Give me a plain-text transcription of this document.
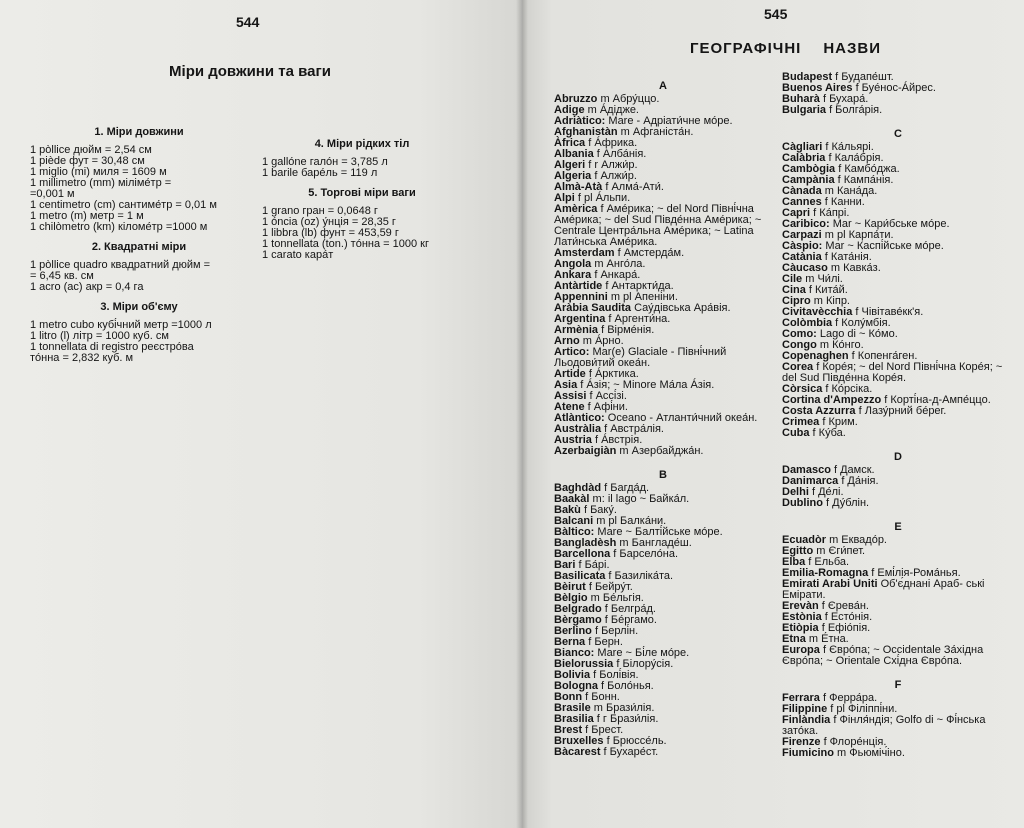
544
Міри довжини та ваги
1. Міри довжини
1 pòllice дюйм = 2,54 см
1 piède фут = 30,48 см
1 miglio (mi) миля = 1609 м
1 millimetro (mm) міліме́тр =
=0,001 м
1 centimetro (cm) сантиме́тр = 0,01 м
1 metro (m) метр = 1 м
1 chilòmetro (km) кіломе́тр =1000 м
2. Квадратні міри
1 pòllice quadro квадратний дюйм =
= 6,45 кв. см
1 acro (ac) акр = 0,4 га
3. Міри об'єму
1 metro cubo кубі́чний метр =1000 л
1 litro (l) літр = 1000 куб. см
1 tonnellata di registro реєстрóва
тóнна = 2,832 куб. м
4. Міри рідких тіл
1 gallóne галóн = 3,785 л
1 barile барéль = 119 л
5. Торгові міри ваги
1 grano гран = 0,0648 г
1 óncia (oz) у́нція = 28,35 г
1 libbra (lb) фунт = 453,59 г
1 tonnellata (ton.) тóнна = 1000 кг
1 carato карáт
545
ГЕОГРАФІЧНІ НАЗВИ
A
Abruzzo m Абру́ццо.
Adige m Áдідже.
Adriàtico: Mare - Адріати́чне мóре.
Afghanistàn m Афганіста́н.
Àfrica f Áфрика.
Albania f Алба́нія.
Algeri f r Алжи́р.
Algeria f Алжи́р.
Almà-Atà f Алма́-Ати́.
Alpi f pl Áльпи.
Amèrica f Амéрика; ~ del Nord Півні́чна Амéрика; ~ del Sud Півде́нна Амéрика; ~ Centrale Центра́льна Амéрика; ~ Latina Лати́нська Амéрика.
Amsterdam f Амстерда́м.
Angola m Анго́ла.
Ankara f Анкара́.
Antàrtide f Антаркти́да.
Appennini m pl Апені́ни.
Aràbia Saudita Сау́дівська Ара́вія.
Argentina f Аргенти́на.
Armènia f Вірмéнія.
Arno m Áрно.
Artico: Mar(e) Glaciale - Півні́чний Льодови́тий океа́н.
Artide f Áрктика.
Asia f Áзія; ~ Minore Ма́ла Áзія.
Assisi f Ассі́зі.
Atene f Афі́ни.
Atlàntico: Oceano - Атланти́чний океа́н.
Austràlia f Австра́лія.
Austria f Áвстрія.
Azerbaigiàn m Азербайджа́н.
B
Baghdàd f Багда́д.
Baakàl m: il lago ~ Байка́л.
Bakù f Баку́.
Balcani m pl Балка́ни.
Bàltico: Mare ~ Балті́йське мóре.
Bangladèsh m Бангладе́ш.
Barcellona f Барсело́на.
Bari f Ба́рі.
Basilicata f Базиліка́та.
Bèirut f Бейру́т.
Bèlgio m Бéльгія.
Belgrado f Белгра́д.
Bèrgamo f Бéргамо.
Berlino f Берлі́н.
Berna f Берн.
Bianco: Mare ~ Бі́ле мóре.
Bielorussia f Білору́сія.
Bolivia f Болі́вія.
Bologna f Боло́нья.
Bonn f Бонн.
Brasile m Брази́лія.
Brasilia f г Брази́лія.
Brest f Брест.
Bruxelles f Брюссе́ль.
Bàcarest f Бухаре́ст.
Budapest f Будапе́шт.
Buenos Aires f Буéнос-Áйрес.
Buharà f Бухара́.
Bulgaria f Болга́рія.
C
Càgliari f Ка́льярі.
Calàbria f Кала́брія.
Cambògia f Камбо́джа.
Campània f Кампа́нія.
Cànada m Кана́да.
Cannes f Канни.
Capri f Ка́прі.
Caribico: Mar ~ Кари́бське мóре.
Carpazi m pl Карпа́ти.
Càspio: Mar ~ Каспі́йське мóре.
Catània f Ката́нія.
Càucaso m Кавка́з.
Cile m Чи́лі.
Cina f Кита́й.
Cipro m Кіпр.
Civitavècchia f Чівітавéкк'я.
Colòmbia f Колу́мбія.
Como: Lago di ~ Ко́мо.
Congo m Ко́нго.
Copenaghen f Копенга́ген.
Corea f Корéя; ~ del Nord Півні́чна Корéя; ~ del Sud Півде́нна Корéя.
Còrsica f Ко́рсіка.
Cortina d'Ampezzo f Корті́на-д-Ампе́ццо.
Costa Azzurra f Лазу́рний бéрег.
Crimea f Крим.
Cuba f Ку́ба.
D
Damasco f Дамск.
Danimarca f Да́нія.
Delhi f Де́лі.
Dublino f Ду́блін.
E
Ecuadòr m Еквадо́р.
Egitto m Єги́пет.
Elba f Ельба.
Emilia-Romagna f Емі́лія-Рома́нья.
Emirati Arabi Uniti Об'є́днані Араб- ські Емірати.
Erevàn f Єрева́н.
Estònia f Есто́нія.
Etiòpia f Ефіо́пія.
Etna m Е́тна.
Europa f Єврóпа; ~ Occidentale За́хідна Єврóпа; ~ Orientale Схі́дна Єврóпа.
F
Ferrara f Ферра́ра.
Filippine f pl Філіппі́ни.
Finlàndia f Фінля́ндія; Golfo di ~ Фі́нська зато́ка.
Firenze f Флоре́нція.
Fiumicino m Фьюміч́іно.
